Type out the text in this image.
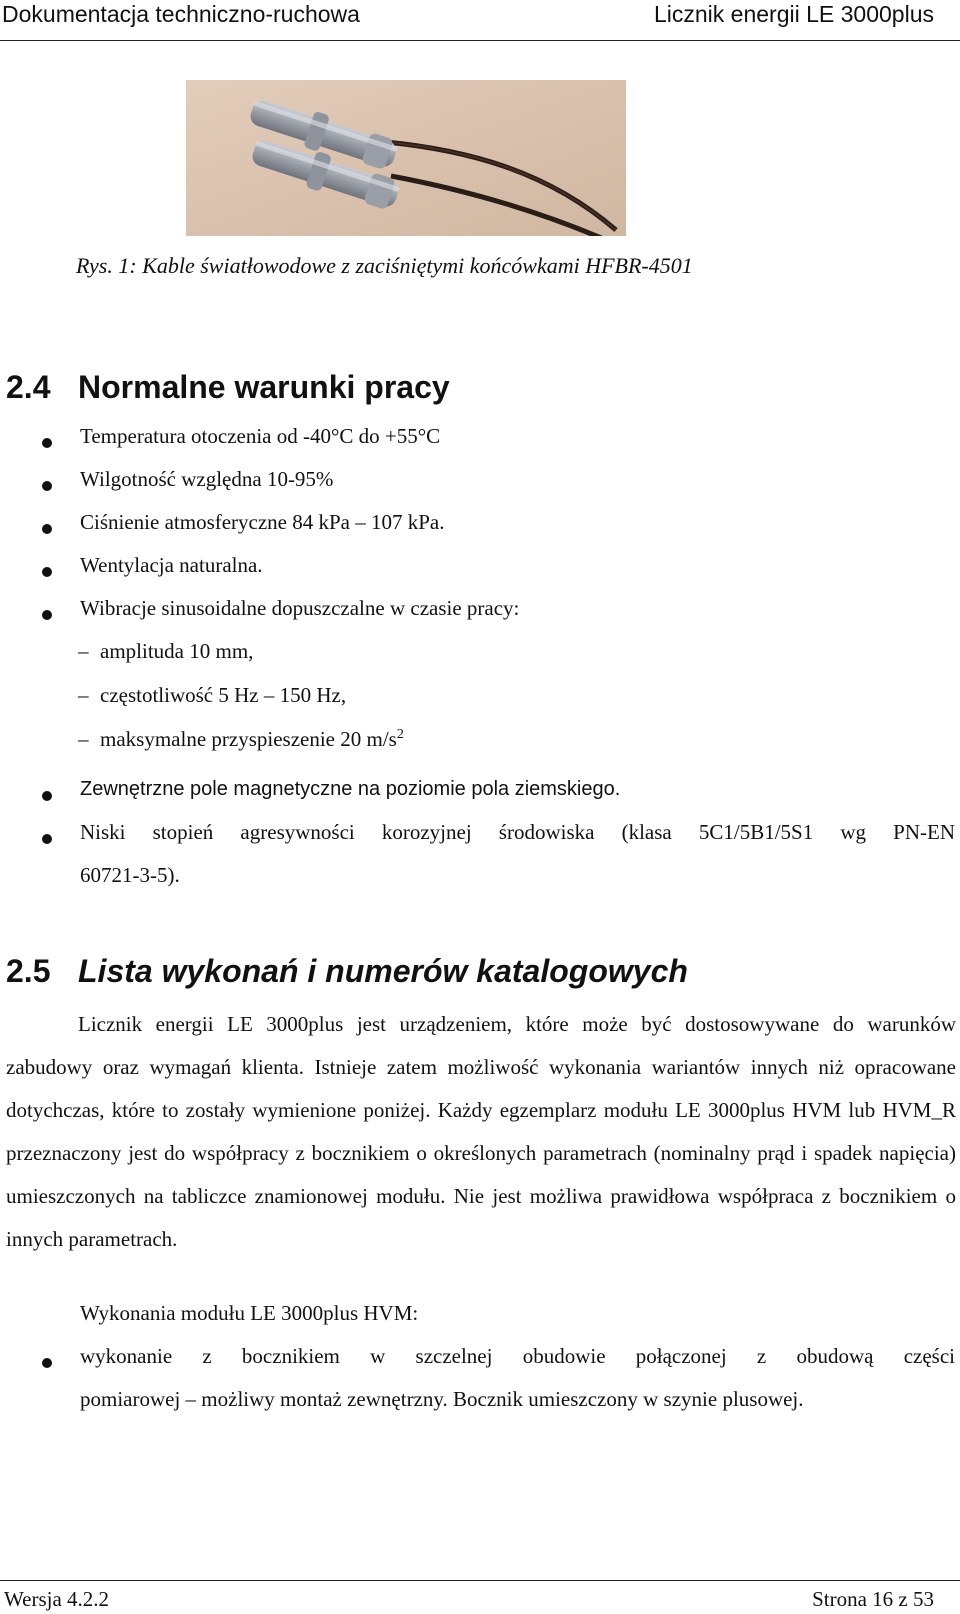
Dokumentacja techniczno-ruchowa	Licznik energii LE 3000plus
Rys. 1: Kable światłowodowe z zaciśniętymi końcówkami HFBR-4501
2.4 Normalne warunki pracy
Temperatura otoczenia od -40°C do +55°C
Wilgotność względna 10-95%
Ciśnienie atmosferyczne 84 kPa – 107 kPa.
Wentylacja naturalna.
Wibracje sinusoidalne dopuszczalne w czasie pracy:
– amplituda 10 mm,
– częstotliwość 5 Hz – 150 Hz,
– maksymalne przyspieszenie 20 $m/s^2$
Zewnętrzne pole magnetyczne na poziomie pola ziemskiego.
Niski stopień agresywności korozyjnej środowiska (klasa 5C1/5B1/5S1 wg PN-EN
60721-3-5).
2.5 Lista wykonań i numerów katalogowych
Licznik energii LE 3000plus jest urządzeniem, które może być dostosowywane do warunków zabudowy oraz wymagań klienta. Istnieje zatem możliwość wykonania wariantów innych niż opracowane dotychczas, które to zostały wymienione poniżej. Każdy egzemplarz modułu LE 3000plus HVM lub HVM_R przeznaczony jest do współpracy z bocznikiem o określonych parametrach (nominalny prąd i spadek napięcia) umieszczonych na tabliczce znamionowej modułu. Nie jest możliwa prawidłowa współpraca z bocznikiem o innych parametrach.
Wykonania modułu LE 3000plus HVM:
wykonanie z bocznikiem w szczelnej obudowie połączonej z obudową części
pomiarowej – możliwy montaż zewnętrzny. Bocznik umieszczony w szynie plusowej.
Wersja 4.2.2	Strona 16 z 53
